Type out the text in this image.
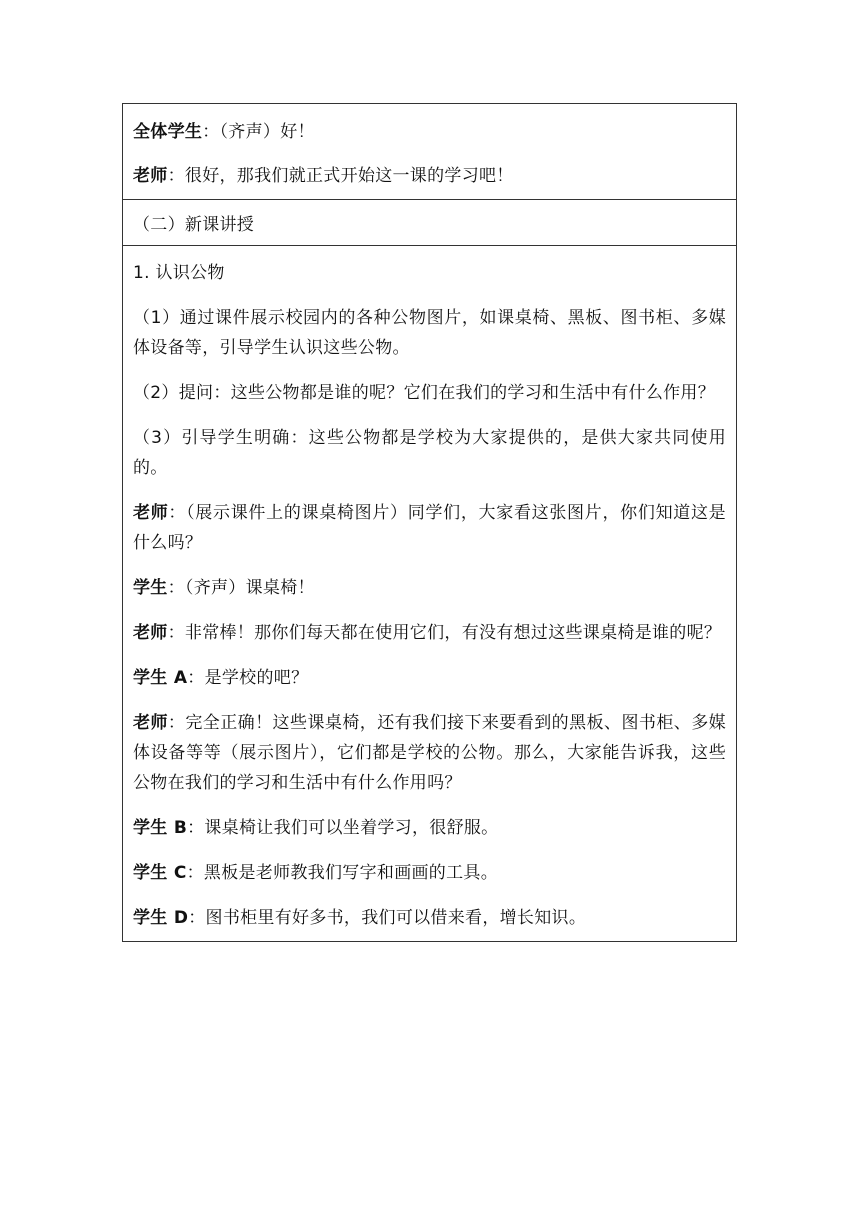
全体学生：（齐声）好！

老师：很好，那我们就正式开始这一课的学习吧！

（二）新课讲授

1. 认识公物

（1）通过课件展示校园内的各种公物图片，如课桌椅、黑板、图书柜、多媒体设备等，引导学生认识这些公物。

（2）提问：这些公物都是谁的呢？它们在我们的学习和生活中有什么作用？

（3）引导学生明确：这些公物都是学校为大家提供的，是供大家共同使用的。

老师：（展示课件上的课桌椅图片）同学们，大家看这张图片，你们知道这是什么吗？

学生：（齐声）课桌椅！

老师：非常棒！那你们每天都在使用它们，有没有想过这些课桌椅是谁的呢？

学生 A：是学校的吧？

老师：完全正确！这些课桌椅，还有我们接下来要看到的黑板、图书柜、多媒体设备等等（展示图片），它们都是学校的公物。那么，大家能告诉我，这些公物在我们的学习和生活中有什么作用吗？

学生 B：课桌椅让我们可以坐着学习，很舒服。

学生 C：黑板是老师教我们写字和画画的工具。

学生 D：图书柜里有好多书，我们可以借来看，增长知识。
